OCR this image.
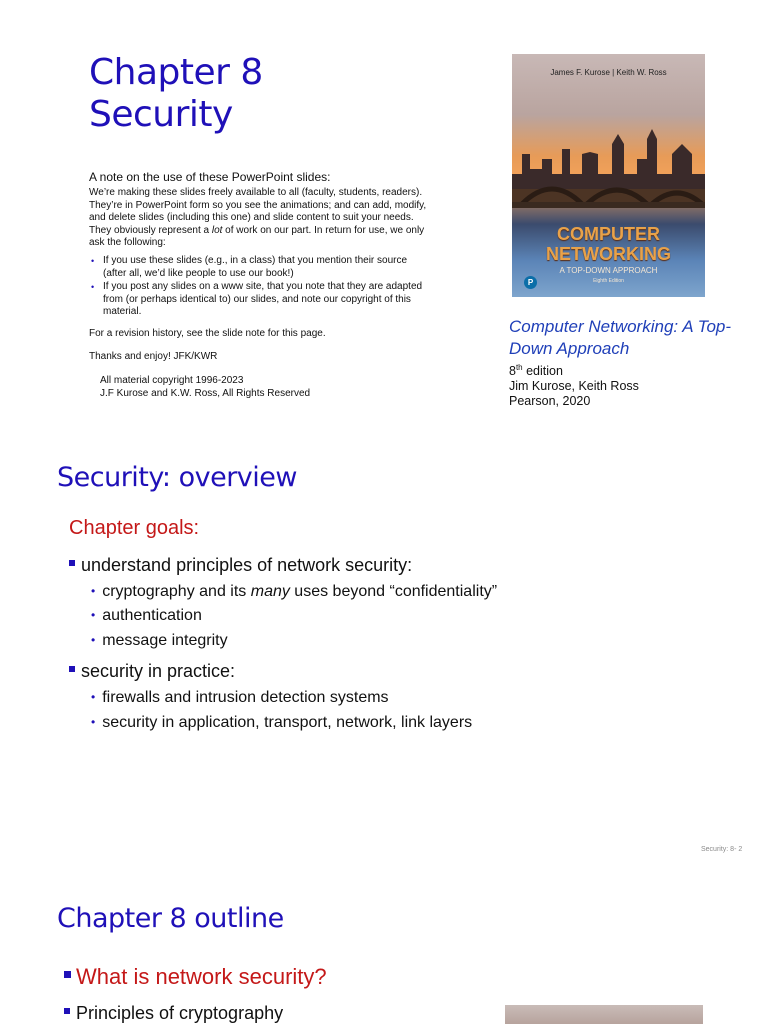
Chapter 8
Security
A note on the use of these PowerPoint slides:
We’re making these slides freely available to all (faculty, students, readers). They’re in PowerPoint form so you see the animations; and can add, modify, and delete slides (including this one) and slide content to suit your needs. They obviously represent a lot of work on our part. In return for use, we only ask the following:
• If you use these slides (e.g., in a class) that you mention their source (after all, we’d like people to use our book!)
• If you post any slides on a www site, that you note that they are adapted from (or perhaps identical to) our slides, and note our copyright of this material.
For a revision history, see the slide note for this page.
Thanks and enjoy! JFK/KWR
All material copyright 1996-2023
J.F Kurose and K.W. Ross, All Rights Reserved
James F. Kurose | Keith W. Ross
COMPUTER
NETWORKING
A TOP-DOWN APPROACH
Eighth Edition
P
Computer Networking: A Top-Down Approach
8th edition
Jim Kurose, Keith Ross
Pearson, 2020
Security: overview
Chapter goals:
understand principles of network security:
• cryptography and its many uses beyond “confidentiality”
• authentication
• message integrity
security in practice:
• firewalls and intrusion detection systems
• security in application, transport, network, link layers
Security: 8- 2
Chapter 8 outline
What is network security?
Principles of cryptography
